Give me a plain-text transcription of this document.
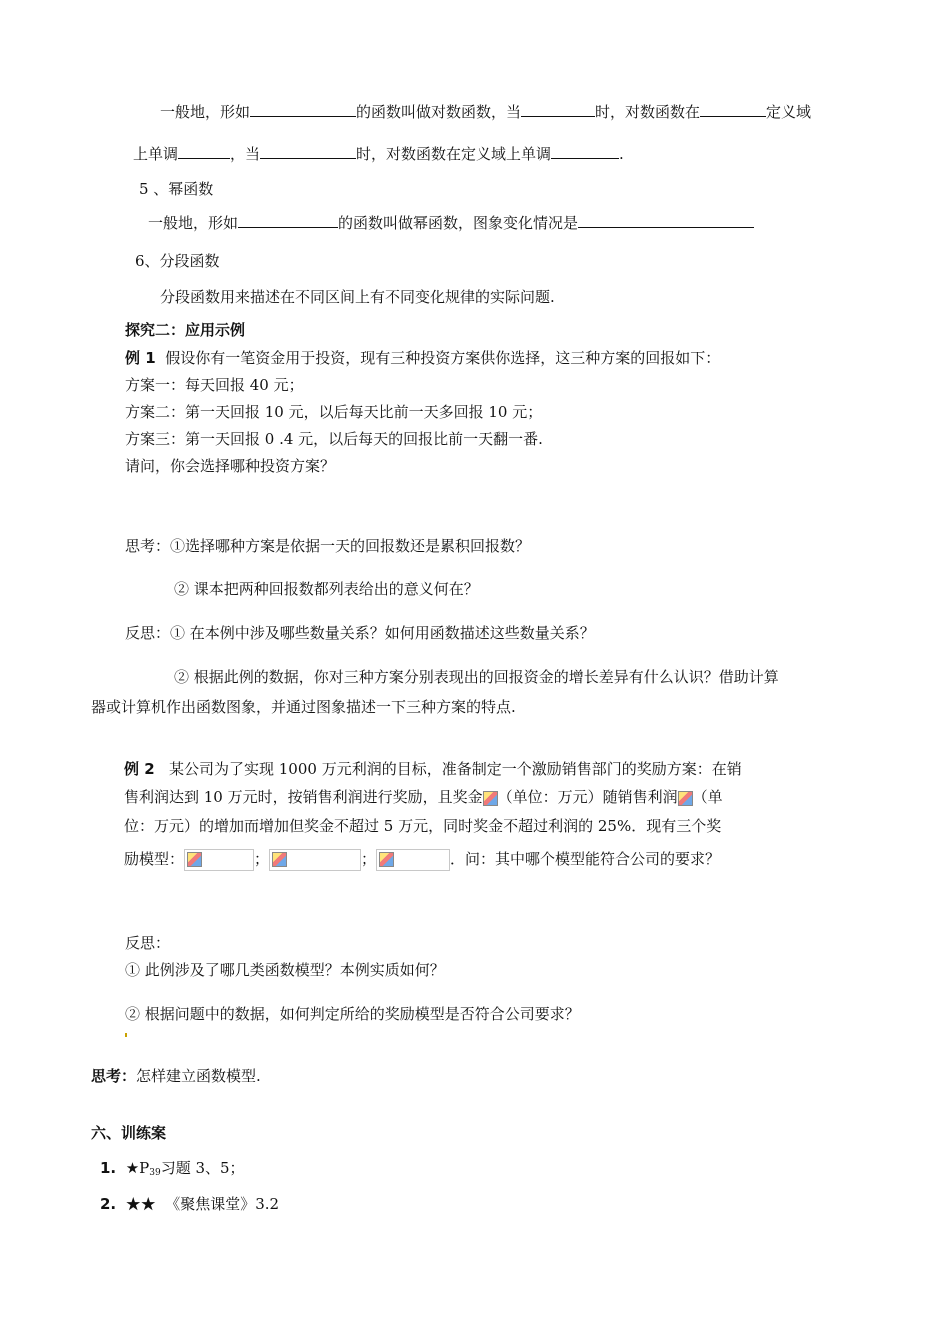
一般地，形如	的函数叫做对数函数，当	时，对数函数在	定义域
上单调	，当	时，对数函数在定义域上单调	.
5 、幂函数
一般地，形如	的函数叫做幂函数，图象变化情况是
6、分段函数
分段函数用来描述在不同区间上有不同变化规律的实际问题.
探究二：应用示例
例 1 假设你有一笔资金用于投资，现有三种投资方案供你选择，这三种方案的回报如下：
方案一：每天回报 40 元；
方案二：第一天回报 10 元，以后每天比前一天多回报 10 元；
方案三：第一天回报 0 .4 元，以后每天的回报比前一天翻一番.
请问，你会选择哪种投资方案？
思考：①选择哪种方案是依据一天的回报数还是累积回报数？
② 课本把两种回报数都列表给出的意义何在？
反思：① 在本例中涉及哪些数量关系？如何用函数描述这些数量关系？
② 根据此例的数据，你对三种方案分别表现出的回报资金的增长差异有什么认识？借助计算
器或计算机作出函数图象，并通过图象描述一下三种方案的特点.
例 2 某公司为了实现 1000 万元利润的目标，准备制定一个激励销售部门的奖励方案：在销
售利润达到 10 万元时，按销售利润进行奖励，且奖金 （单位：万元）随销售利润 （单
位：万元）的增加而增加但奖金不超过 5 万元，同时奖金不超过利润的 25%．现有三个奖
励模型：	；	；	．问：其中哪个模型能符合公司的要求？
反思：
① 此例涉及了哪几类函数模型？本例实质如何？
② 根据问题中的数据，如何判定所给的奖励模型是否符合公司要求？
思考：怎样建立函数模型.
六、训练案
1. $★P_{39}$习题 3、5；
2. ★★ 《聚焦课堂》3.2
